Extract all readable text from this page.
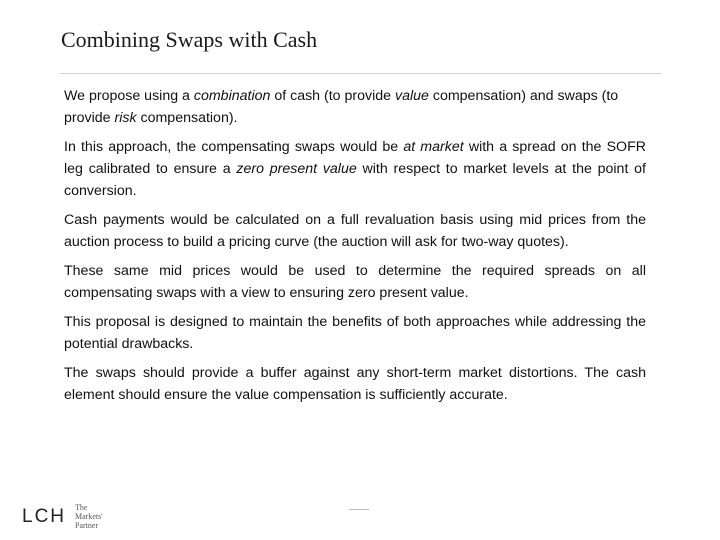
Combining Swaps with Cash

We propose using a combination of cash (to provide value compensation) and swaps (to provide risk compensation).

In this approach, the compensating swaps would be at market with a spread on the SOFR leg calibrated to ensure a zero present value with respect to market levels at the point of conversion.

Cash payments would be calculated on a full revaluation basis using mid prices from the auction process to build a pricing curve (the auction will ask for two-way quotes).

These same mid prices would be used to determine the required spreads on all compensating swaps with a view to ensuring zero present value.

This proposal is designed to maintain the benefits of both approaches while addressing the potential drawbacks.

The swaps should provide a buffer against any short-term market distortions. The cash element should ensure the value compensation is sufficiently accurate.

LCH The Markets'
Partner
